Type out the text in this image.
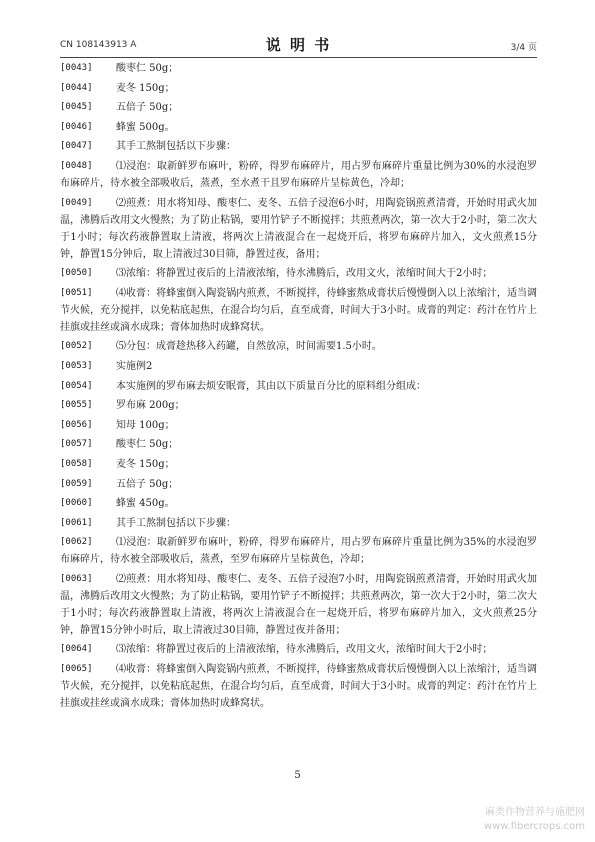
CN 108143913 A	说 明 书	3/4 页
[0043]	酸枣仁 50g；
[0044]	麦冬 150g；
[0045]	五倍子 50g；
[0046]	蜂蜜 500g。
[0047]	其手工熬制包括以下步骤：
[0048]	⑴浸泡：取新鲜罗布麻叶，粉碎，得罗布麻碎片，用占罗布麻碎片重量比例为30%的水浸泡罗布麻碎片，待水被全部吸收后，蒸煮，至水煮干且罗布麻碎片呈棕黄色，冷却；
[0049]	⑵煎煮：用水将知母、酸枣仁、麦冬、五倍子浸泡6小时，用陶瓷锅煎煮清膏，开始时用武火加温，沸腾后改用文火慢熬；为了防止粘锅，要用竹铲子不断搅拌；共煎煮两次，第一次大于2小时，第二次大于1小时；每次药液静置取上清液，将两次上清液混合在一起烧开后，将罗布麻碎片加入，文火煎煮15分钟，静置15分钟后，取上清液过30目筛，静置过夜，备用；
[0050]	⑶浓缩：将静置过夜后的上清液浓缩，待水沸腾后，改用文火，浓缩时间大于2小时；
[0051]	⑷收膏：将蜂蜜倒入陶瓷锅内煎煮，不断搅拌，待蜂蜜熬成膏状后慢慢倒入以上浓缩汁，适当调节火候，充分搅拌，以免粘底起焦，在混合均匀后，直至成膏，时间大于3小时。成膏的判定：药汁在竹片上挂旗或挂丝或滴水成珠；膏体加热时成蜂窝状。
[0052]	⑸分包：成膏趁热移入药罐，自然放凉，时间需要1.5小时。
[0053]	实施例2
[0054]	本实施例的罗布麻去烦安眠膏，其由以下质量百分比的原料组分组成：
[0055]	罗布麻 200g；
[0056]	知母 100g；
[0057]	酸枣仁 50g；
[0058]	麦冬 150g；
[0059]	五倍子 50g；
[0060]	蜂蜜 450g。
[0061]	其手工熬制包括以下步骤：
[0062]	⑴浸泡：取新鲜罗布麻叶，粉碎，得罗布麻碎片，用占罗布麻碎片重量比例为35%的水浸泡罗布麻碎片，待水被全部吸收后，蒸煮，至罗布麻碎片呈棕黄色，冷却；
[0063]	⑵煎煮：用水将知母、酸枣仁、麦冬、五倍子浸泡7小时，用陶瓷锅煎煮清膏，开始时用武火加温，沸腾后改用文火慢熬；为了防止粘锅，要用竹铲子不断搅拌；共煎煮两次，第一次大于2小时，第二次大于1小时；每次药液静置取上清液，将两次上清液混合在一起烧开后，将罗布麻碎片加入，文火煎煮25分钟，静置15分钟小时后，取上清液过30目筛，静置过夜并备用；
[0064]	⑶浓缩：将静置过夜后的上清液浓缩，待水沸腾后，改用文火，浓缩时间大于2小时；
[0065]	⑷收膏：将蜂蜜倒入陶瓷锅内煎煮，不断搅拌，待蜂蜜熬成膏状后慢慢倒入以上浓缩汁，适当调节火候，充分搅拌，以免粘底起焦，在混合均匀后，直至成膏，时间大于3小时。成膏的判定：药汁在竹片上挂旗或挂丝或滴水成珠；膏体加热时成蜂窝状。
5
麻类作物营养与施肥网
www.fibercrops.com
